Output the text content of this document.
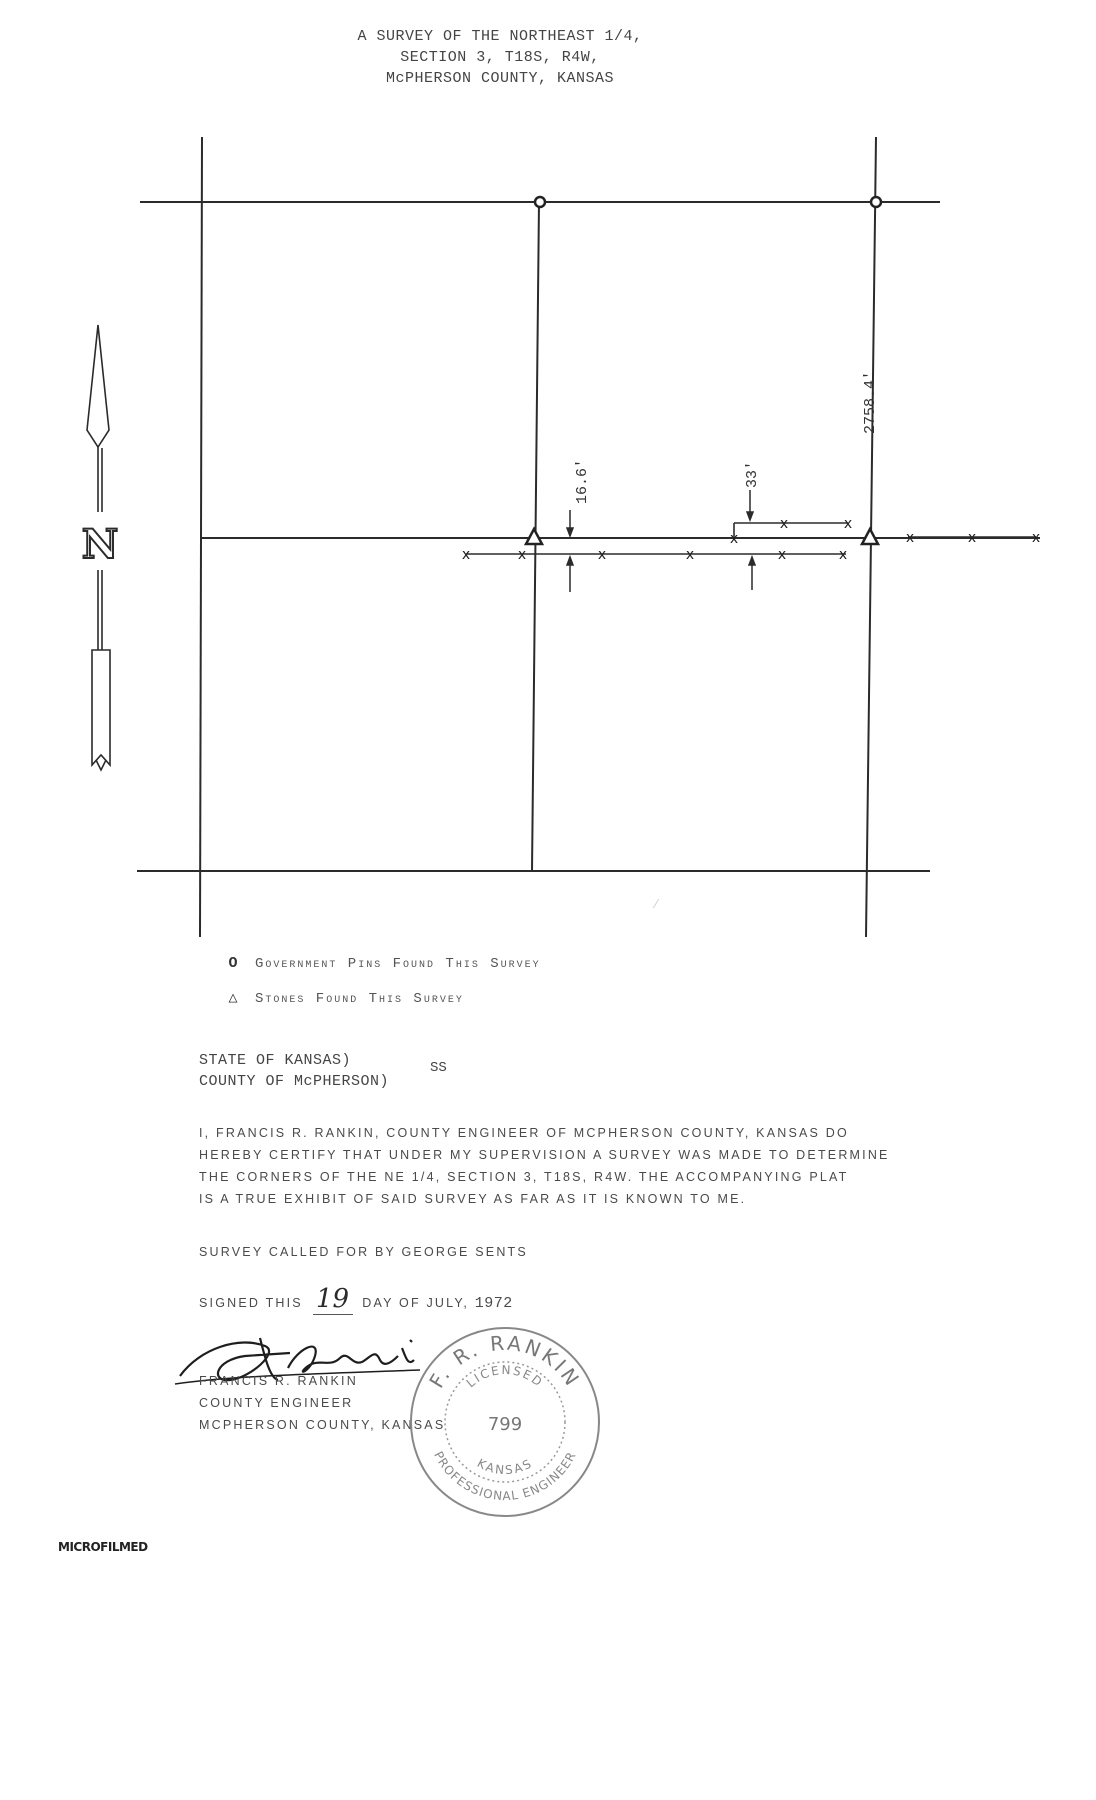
A SURVEY OF THE NORTHEAST 1/4,
SECTION 3, T18S, R4W,
McPHERSON COUNTY, KANSAS
x	x	x	x	x	x
x
x	x
x	x	x
16.6'	33'
2758.4'
N
⁄
O Government Pins Found This Survey
△ Stones Found This Survey
STATE OF KANSAS)
COUNTY OF McPHERSON)
SS
I, FRANCIS R. RANKIN, COUNTY ENGINEER OF MCPHERSON COUNTY, KANSAS DO
HEREBY CERTIFY THAT UNDER MY SUPERVISION A SURVEY WAS MADE TO DETERMINE
THE CORNERS OF THE NE 1/4, SECTION 3, T18S, R4W. THE ACCOMPANYING PLAT
IS A TRUE EXHIBIT OF SAID SURVEY AS FAR AS IT IS KNOWN TO ME.
SURVEY CALLED FOR BY GEORGE SENTS
SIGNED THIS 19 DAY OF JULY, 1972
FRANCIS R. RANKIN
COUNTY ENGINEER
MCPHERSON COUNTY, KANSAS
F. R. RANKIN
PROFESSIONAL ENGINEER
LICENSED
KANSAS
799
MICROFILMED
